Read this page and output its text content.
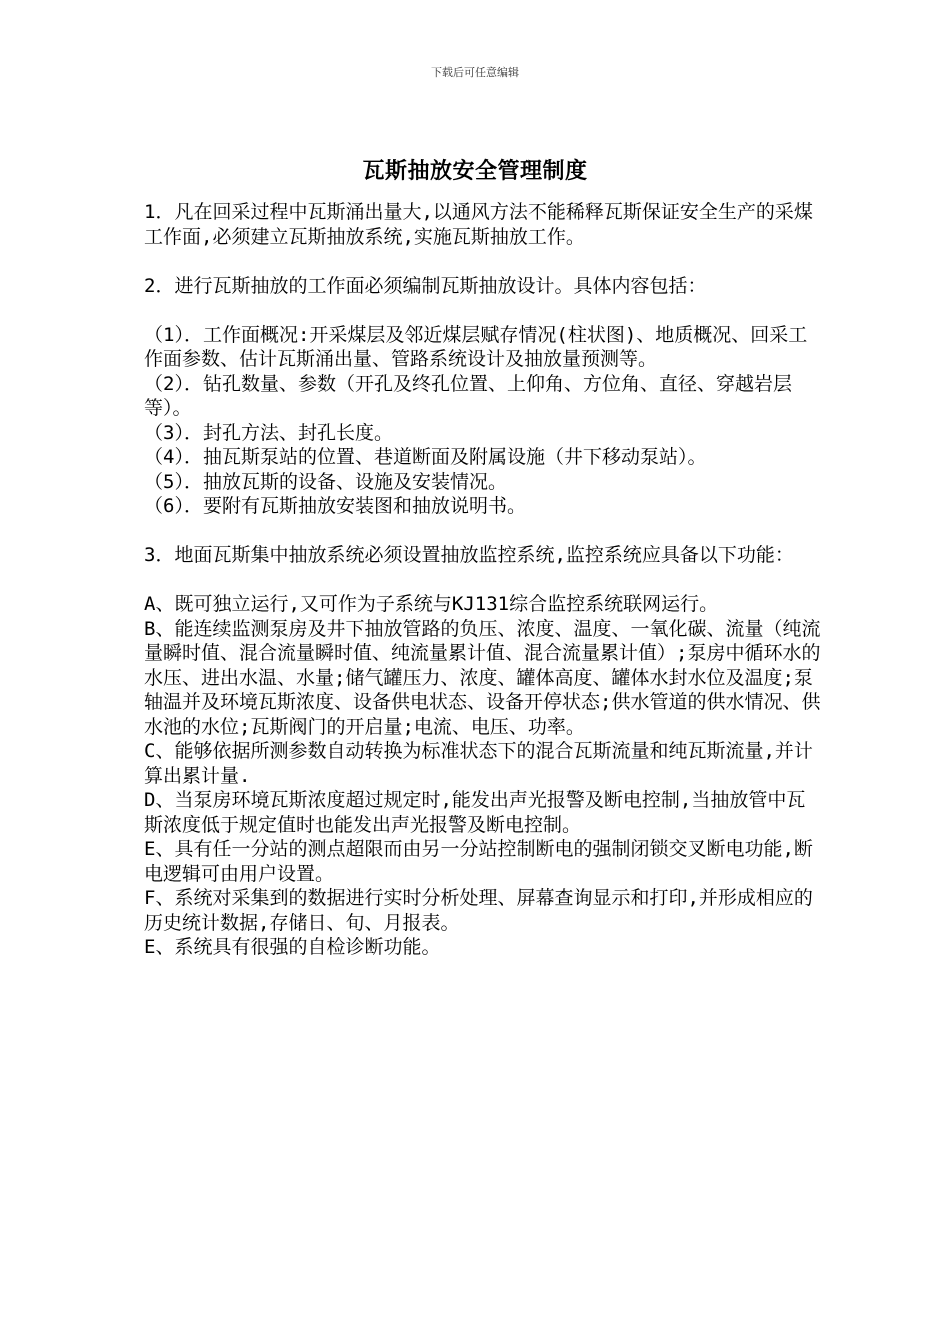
下载后可任意编辑
瓦斯抽放安全管理制度

1．凡在回采过程中瓦斯涌出量大,以通风方法不能稀释瓦斯保证安全生产的采煤工作面,必须建立瓦斯抽放系统,实施瓦斯抽放工作。

2．进行瓦斯抽放的工作面必须编制瓦斯抽放设计。具体内容包括：

（1）．工作面概况:开采煤层及邻近煤层赋存情况(柱状图)、地质概况、回采工作面参数、估计瓦斯涌出量、管路系统设计及抽放量预测等。

（2）．钻孔数量、参数（开孔及终孔位置、上仰角、方位角、直径、穿越岩层等）。

（3）．封孔方法、封孔长度。

（4）．抽瓦斯泵站的位置、巷道断面及附属设施（井下移动泵站）。

（5）．抽放瓦斯的设备、设施及安装情况。

（6）．要附有瓦斯抽放安装图和抽放说明书。

3．地面瓦斯集中抽放系统必须设置抽放监控系统,监控系统应具备以下功能：

A、既可独立运行,又可作为子系统与KJ131综合监控系统联网运行。

B、能连续监测泵房及井下抽放管路的负压、浓度、温度、一氧化碳、流量（纯流量瞬时值、混合流量瞬时值、纯流量累计值、混合流量累计值）;泵房中循环水的水压、进出水温、水量;储气罐压力、浓度、罐体高度、罐体水封水位及温度;泵轴温并及环境瓦斯浓度、设备供电状态、设备开停状态;供水管道的供水情况、供水池的水位;瓦斯阀门的开启量;电流、电压、功率。

C、能够依据所测参数自动转换为标准状态下的混合瓦斯流量和纯瓦斯流量,并计算出累计量.

D、当泵房环境瓦斯浓度超过规定时,能发出声光报警及断电控制,当抽放管中瓦斯浓度低于规定值时也能发出声光报警及断电控制。

E、具有任一分站的测点超限而由另一分站控制断电的强制闭锁交叉断电功能,断电逻辑可由用户设置。

F、系统对采集到的数据进行实时分析处理、屏幕查询显示和打印,并形成相应的历史统计数据,存储日、旬、月报表。

E、系统具有很强的自检诊断功能。
